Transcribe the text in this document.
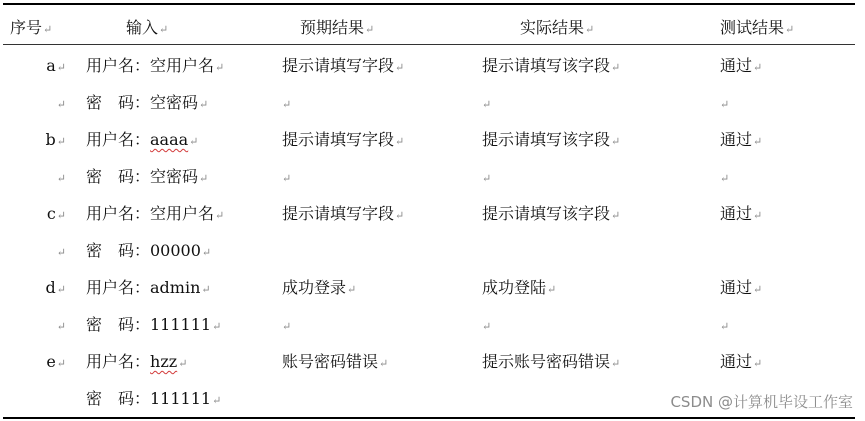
序号↵	输入↵	预期结果↵	实际结果↵	测试结果↵
a↵ 用户名：空用户名↵	提示请填写字段↵	提示请填写该字段↵	通过↵
↵ 密　码：空密码↵	↵	↵	↵
b↵ 用户名：aaaa↵	提示请填写字段↵	提示请填写该字段↵	通过↵
↵ 密　码：空密码↵	↵	↵	↵
c↵ 用户名：空用户名↵	提示请填写字段↵	提示请填写该字段↵	通过↵
↵ 密　码：00000↵
d↵ 用户名：admin↵	成功登录↵	成功登陆↵	通过↵
↵ 密　码：111111↵	↵	↵	↵
e↵ 用户名：hzz↵	账号密码错误↵	提示账号密码错误↵	通过↵
密　码：111111↵	CSDN @计算机毕设工作室
